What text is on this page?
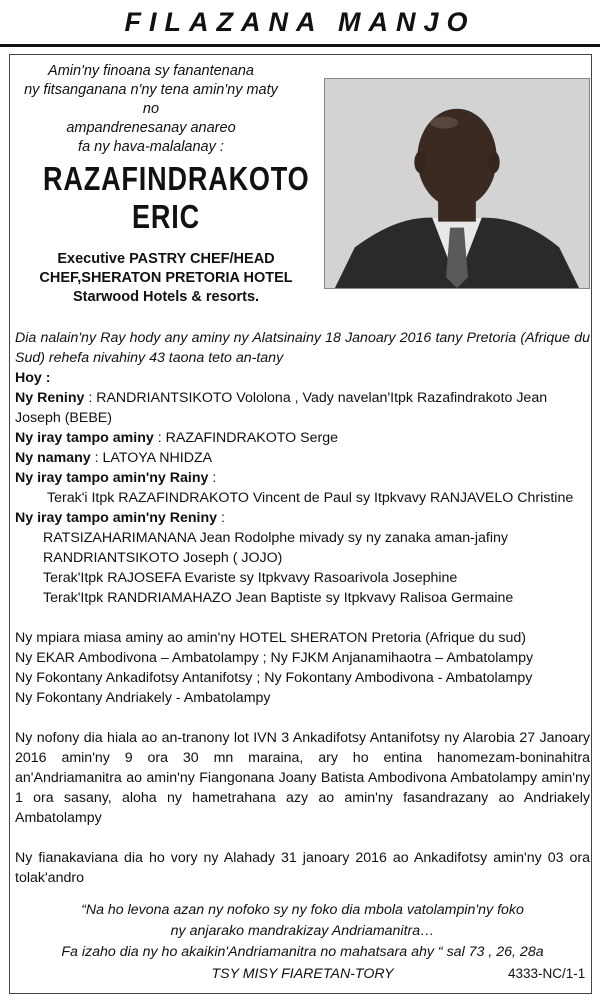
FILAZANA MANJO
Amin'ny finoana sy fanantenana
ny fitsanganana n'ny tena amin'ny maty no
ampandrenesanay anareo
fa ny hava-malalanay :
RAZAFINDRAKOTO
ERIC
Executive PASTRY CHEF/HEAD
CHEF,SHERATON PRETORIA HOTEL
Starwood Hotels & resorts.

Dia nalain'ny Ray hody any aminy ny Alatsinainy 18 Janoary 2016 tany Pretoria (Afrique du Sud) rehefa nivahiny 43 taona teto an-tany

Hoy :

Ny Reniny : RANDRIANTSIKOTO Vololona , Vady navelan'Itpk Razafindrakoto Jean Joseph (BEBE)

Ny iray tampo aminy : RAZAFINDRAKOTO Serge

Ny namany : LATOYA NHIDZA

Ny iray tampo amin'ny Rainy :

Terak'i Itpk RAZAFINDRAKOTO Vincent de Paul sy Itpkvavy RANJAVELO Christine

Ny iray tampo amin'ny Reniny :

RATSIZAHARIMANANA Jean Rodolphe mivady sy ny zanaka aman-jafiny

RANDRIANTSIKOTO Joseph ( JOJO)

Terak'Itpk RAJOSEFA Evariste sy Itpkvavy Rasoarivola Josephine

Terak'Itpk RANDRIAMAHAZO Jean Baptiste sy Itpkvavy Ralisoa Germaine

Ny mpiara miasa aminy ao amin'ny HOTEL SHERATON Pretoria (Afrique du sud)

Ny EKAR Ambodivona – Ambatolampy ; Ny FJKM Anjanamihaotra – Ambatolampy

Ny Fokontany Ankadifotsy Antanifotsy ; Ny Fokontany Ambodivona - Ambatolampy

Ny Fokontany Andriakely - Ambatolampy

Ny nofony dia hiala ao an-tranony lot IVN 3 Ankadifotsy Antanifotsy ny Alarobia 27 Janoary 2016 amin'ny 9 ora 30 mn maraina, ary ho entina hanomezam-boninahitra an'Andriamanitra ao amin'ny Fiangonana Joany Batista Ambodivona Ambatolampy amin'ny 1 ora sasany, aloha ny hametrahana azy ao amin'ny fasandrazany ao Andriakely Ambatolampy

Ny fianakaviana dia ho vory ny Alahady 31 janoary 2016 ao Ankadifotsy amin'ny 03 ora tolak'andro

“Na ho levona azan ny nofoko sy ny foko dia mbola vatolampin'ny foko
ny anjarako mandrakizay Andriamanitra…
Fa izaho dia ny ho akaikin'Andriamanitra no mahatsara ahy “ sal 73 , 26, 28a
TSY MISY FIARETAN-TORY	4333-NC/1-1
